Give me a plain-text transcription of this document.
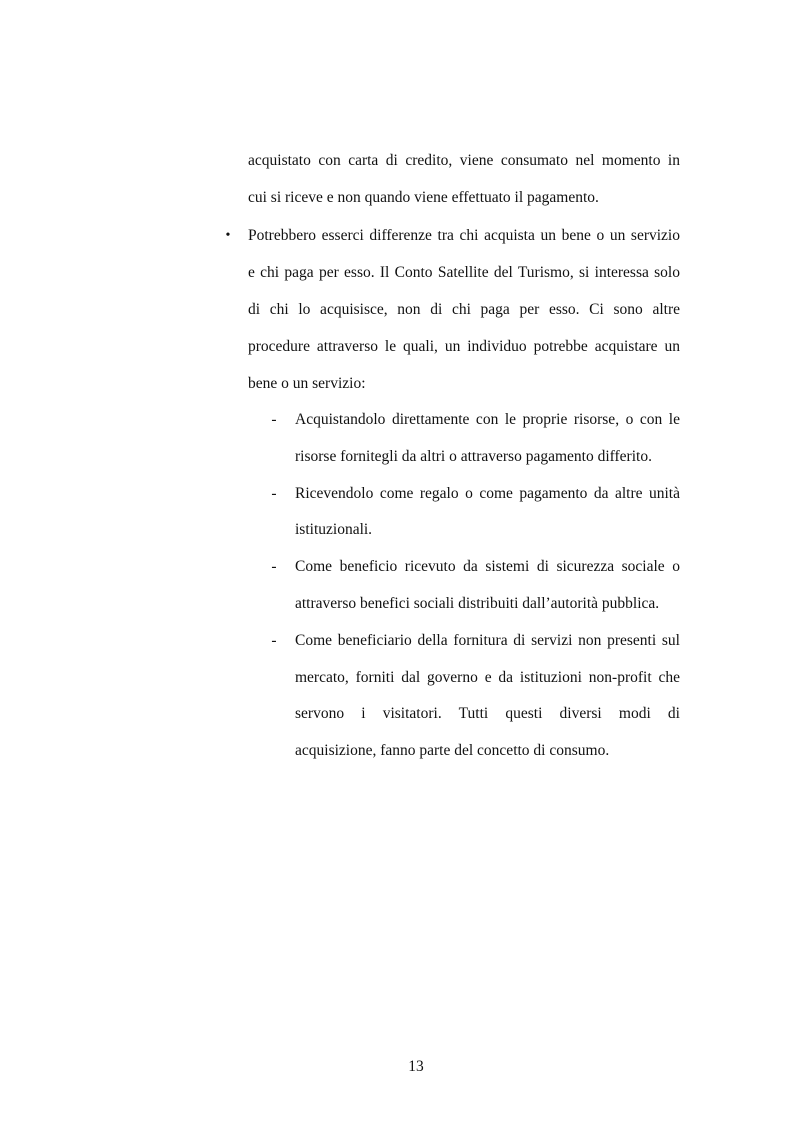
acquistato con carta di credito, viene consumato nel momento in
cui si riceve e non quando viene effettuato il pagamento.
• Potrebbero esserci differenze tra chi acquista un bene o un servizio
e chi paga per esso. Il Conto Satellite del Turismo, si interessa solo
di chi lo acquisisce, non di chi paga per esso. Ci sono altre
procedure attraverso le quali, un individuo potrebbe acquistare un
bene o un servizio:
- Acquistandolo direttamente con le proprie risorse, o con le
risorse fornitegli da altri o attraverso pagamento differito.
- Ricevendolo come regalo o come pagamento da altre unità
istituzionali.
- Come beneficio ricevuto da sistemi di sicurezza sociale o
attraverso benefici sociali distribuiti dall’autorità pubblica.
- Come beneficiario della fornitura di servizi non presenti sul
mercato, forniti dal governo e da istituzioni non-profit che
servono i visitatori. Tutti questi diversi modi di
acquisizione, fanno parte del concetto di consumo.
13
